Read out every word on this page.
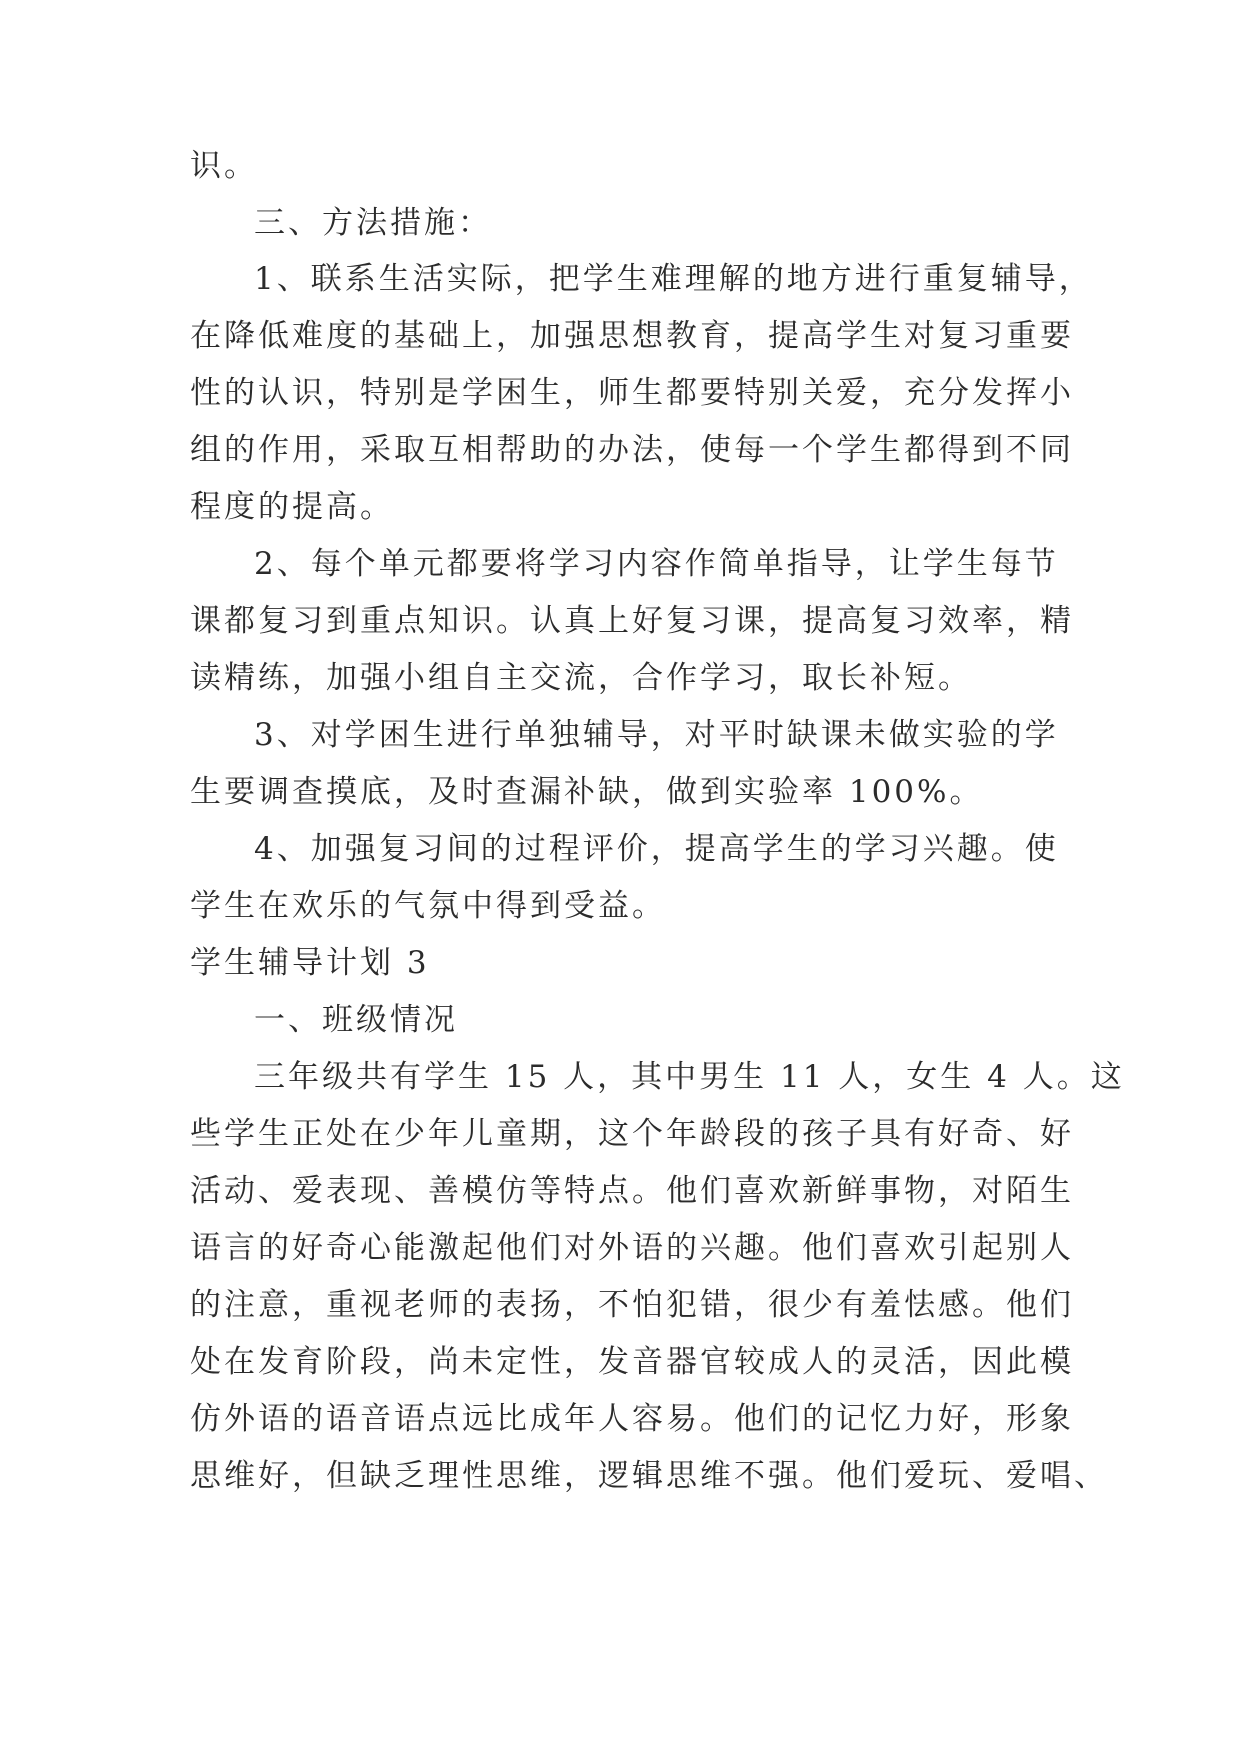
识。

三、方法措施：

1、联系生活实际，把学生难理解的地方进行重复辅导，

在降低难度的基础上，加强思想教育，提高学生对复习重要

性的认识，特别是学困生，师生都要特别关爱，充分发挥小

组的作用，采取互相帮助的办法，使每一个学生都得到不同

程度的提高。

2、每个单元都要将学习内容作简单指导，让学生每节

课都复习到重点知识。认真上好复习课，提高复习效率，精

读精练，加强小组自主交流，合作学习，取长补短。

3、对学困生进行单独辅导，对平时缺课未做实验的学

生要调查摸底，及时查漏补缺，做到实验率 100%。

4、加强复习间的过程评价，提高学生的学习兴趣。使

学生在欢乐的气氛中得到受益。

学生辅导计划 3

一、班级情况

三年级共有学生 15 人，其中男生 11 人，女生 4 人。这

些学生正处在少年儿童期，这个年龄段的孩子具有好奇、好

活动、爱表现、善模仿等特点。他们喜欢新鲜事物，对陌生

语言的好奇心能激起他们对外语的兴趣。他们喜欢引起别人

的注意，重视老师的表扬，不怕犯错，很少有羞怯感。他们

处在发育阶段，尚未定性，发音器官较成人的灵活，因此模

仿外语的语音语点远比成年人容易。他们的记忆力好，形象

思维好，但缺乏理性思维，逻辑思维不强。他们爱玩、爱唱、
